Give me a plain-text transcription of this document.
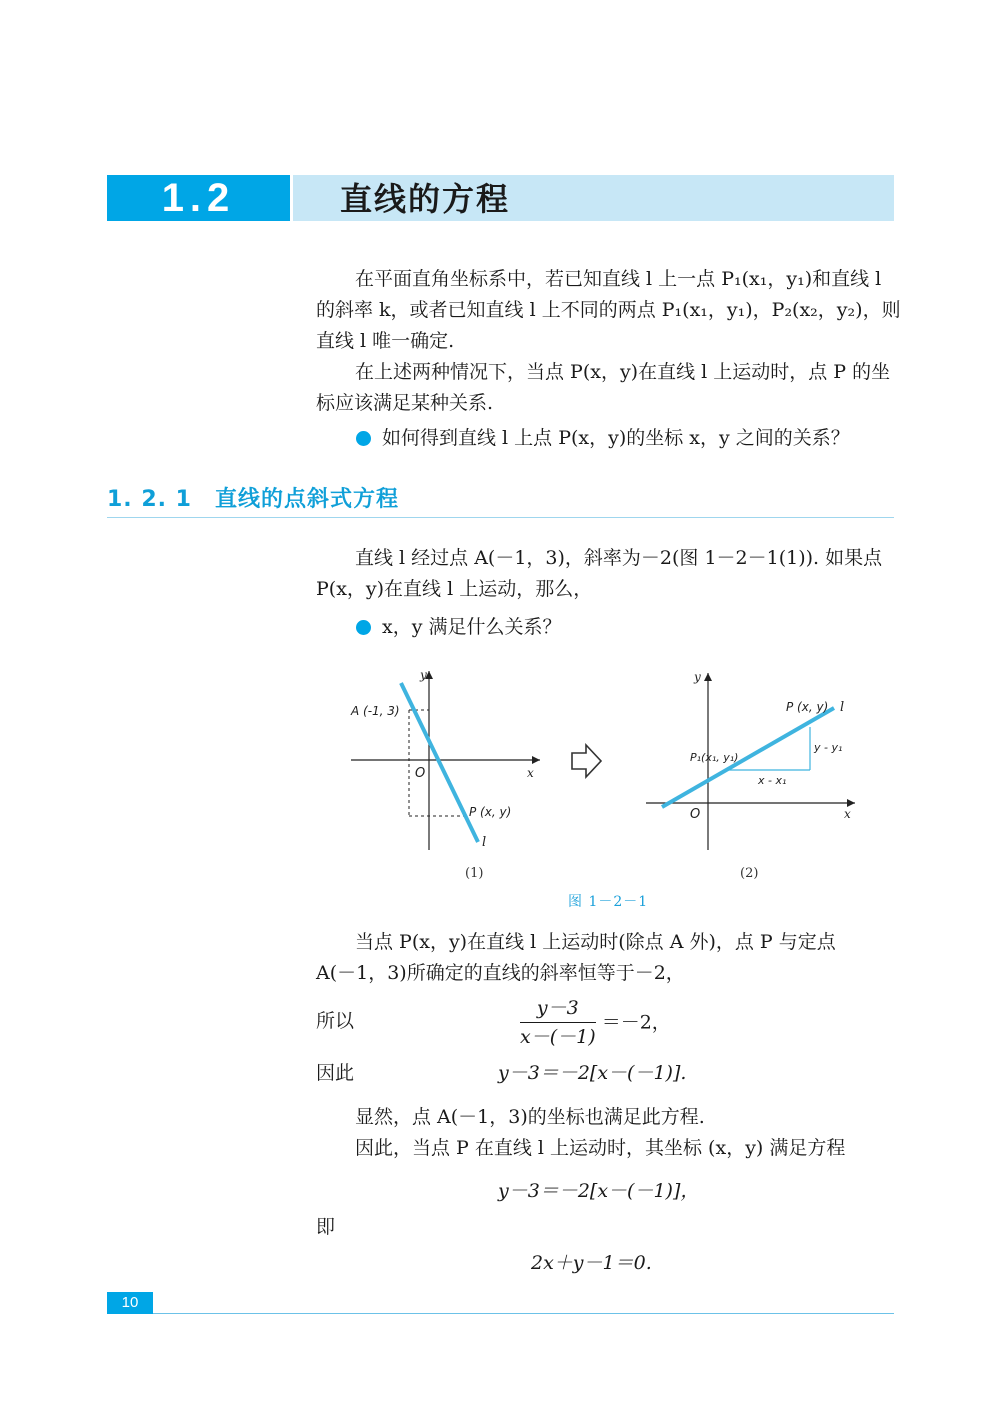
1.2	直线的方程
在平面直角坐标系中，若已知直线 l 上一点 P₁(x₁，y₁)和直线 l
的斜率 k，或者已知直线 l 上不同的两点 P₁(x₁，y₁)，P₂(x₂，y₂)，则
直线 l 唯一确定.
在上述两种情况下，当点 P(x，y)在直线 l 上运动时，点 P 的坐
标应该满足某种关系.
如何得到直线 l 上点 P(x，y)的坐标 x，y 之间的关系？
1. 2. 1　直线的点斜式方程
直线 l 经过点 A(－1，3)，斜率为－2(图 1－2－1(1)). 如果点
P(x，y)在直线 l 上运动，那么，
x，y 满足什么关系？
A (-1, 3)
O	x
y
P (x, y)
l
(1)
y
P (x, y) l
y - y₁
P₁(x₁, y₁)
x - x₁
O	x
(2)
图 1－2－1
当点 P(x，y)在直线 l 上运动时(除点 A 外)，点 P 与定点
A(－1，3)所确定的直线的斜率恒等于－2，
所以	$\frac{y-3}{x-(-1)} =-2$，
因此	y－3＝－2[x－(－1)].
显然，点 A(－1，3)的坐标也满足此方程.
因此，当点 P 在直线 l 上运动时，其坐标 (x，y) 满足方程
y－3＝－2[x－(－1)]，
即
2x＋y－1＝0.
10
